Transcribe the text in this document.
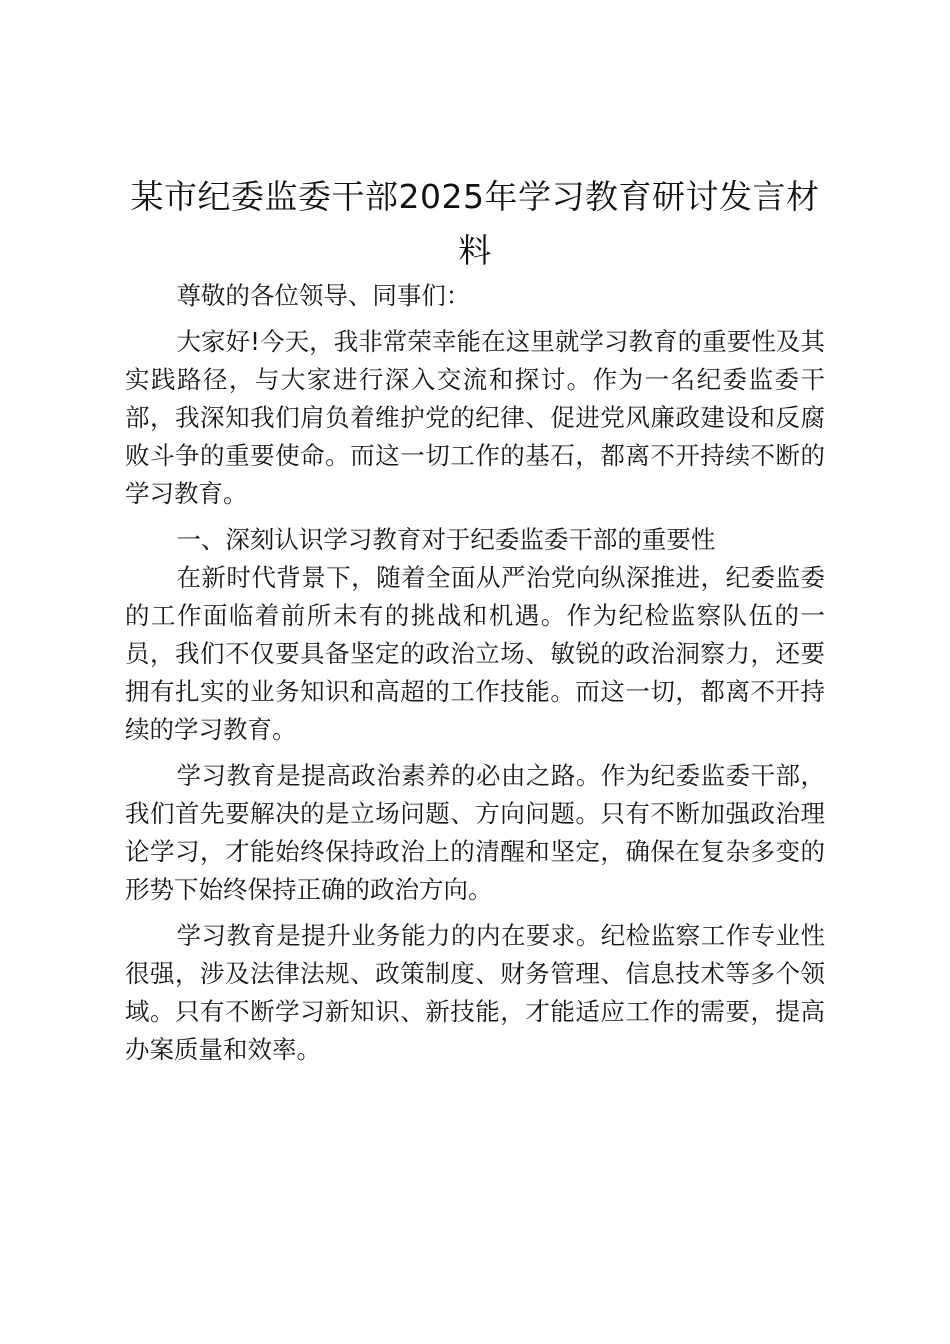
某市纪委监委干部2025年学习教育研讨发言材料

尊敬的各位领导、同事们：

大家好!今天，我非常荣幸能在这里就学习教育的重要性及其实践路径，与大家进行深入交流和探讨。作为一名纪委监委干部，我深知我们肩负着维护党的纪律、促进党风廉政建设和反腐败斗争的重要使命。而这一切工作的基石，都离不开持续不断的学习教育。

一、深刻认识学习教育对于纪委监委干部的重要性

在新时代背景下，随着全面从严治党向纵深推进，纪委监委的工作面临着前所未有的挑战和机遇。作为纪检监察队伍的一员，我们不仅要具备坚定的政治立场、敏锐的政治洞察力，还要拥有扎实的业务知识和高超的工作技能。而这一切，都离不开持续的学习教育。

学习教育是提高政治素养的必由之路。作为纪委监委干部，我们首先要解决的是立场问题、方向问题。只有不断加强政治理论学习，才能始终保持政治上的清醒和坚定，确保在复杂多变的形势下始终保持正确的政治方向。

学习教育是提升业务能力的内在要求。纪检监察工作专业性很强，涉及法律法规、政策制度、财务管理、信息技术等多个领域。只有不断学习新知识、新技能，才能适应工作的需要，提高办案质量和效率。
